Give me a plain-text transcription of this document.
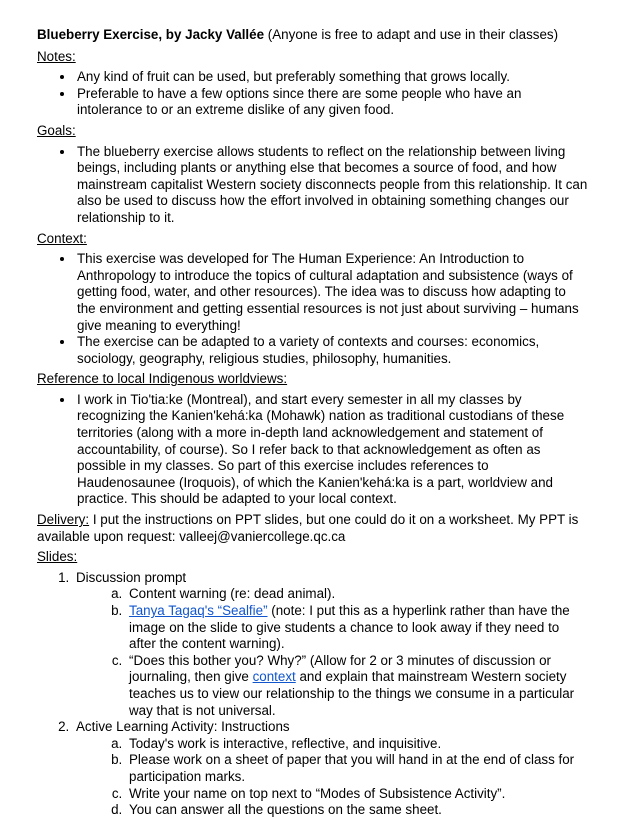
Blueberry Exercise, by Jacky Vallée (Anyone is free to adapt and use in their classes)

Notes:

• Any kind of fruit can be used, but preferably something that grows locally.
• Preferable to have a few options since there are some people who have an intolerance to or an extreme dislike of any given food.

Goals:

• The blueberry exercise allows students to reflect on the relationship between living beings, including plants or anything else that becomes a source of food, and how mainstream capitalist Western society disconnects people from this relationship. It can also be used to discuss how the effort involved in obtaining something changes our relationship to it.

Context:

• This exercise was developed for The Human Experience: An Introduction to Anthropology to introduce the topics of cultural adaptation and subsistence (ways of getting food, water, and other resources). The idea was to discuss how adapting to the environment and getting essential resources is not just about surviving – humans give meaning to everything!
• The exercise can be adapted to a variety of contexts and courses: economics, sociology, geography, religious studies, philosophy, humanities.

Reference to local Indigenous worldviews:

• I work in Tio'tia:ke (Montreal), and start every semester in all my classes by recognizing the Kanien'kehá:ka (Mohawk) nation as traditional custodians of these territories (along with a more in-depth land acknowledgement and statement of accountability, of course). So I refer back to that acknowledgement as often as possible in my classes. So part of this exercise includes references to Haudenosaunee (Iroquois), of which the Kanien'kehá:ka is a part, worldview and practice. This should be adapted to your local context.

Delivery: I put the instructions on PPT slides, but one could do it on a worksheet. My PPT is available upon request: valleej@vaniercollege.qc.ca

Slides:

1. Discussion prompt
a. Content warning (re: dead animal).
b. Tanya Tagaq's “Sealfie” (note: I put this as a hyperlink rather than have the image on the slide to give students a chance to look away if they need to after the content warning).
c. “Does this bother you? Why?” (Allow for 2 or 3 minutes of discussion or journaling, then give context and explain that mainstream Western society teaches us to view our relationship to the things we consume in a particular way that is not universal.
2. Active Learning Activity: Instructions
a. Today's work is interactive, reflective, and inquisitive.
b. Please work on a sheet of paper that you will hand in at the end of class for participation marks.
c. Write your name on top next to “Modes of Subsistence Activity”.
d. You can answer all the questions on the same sheet.
